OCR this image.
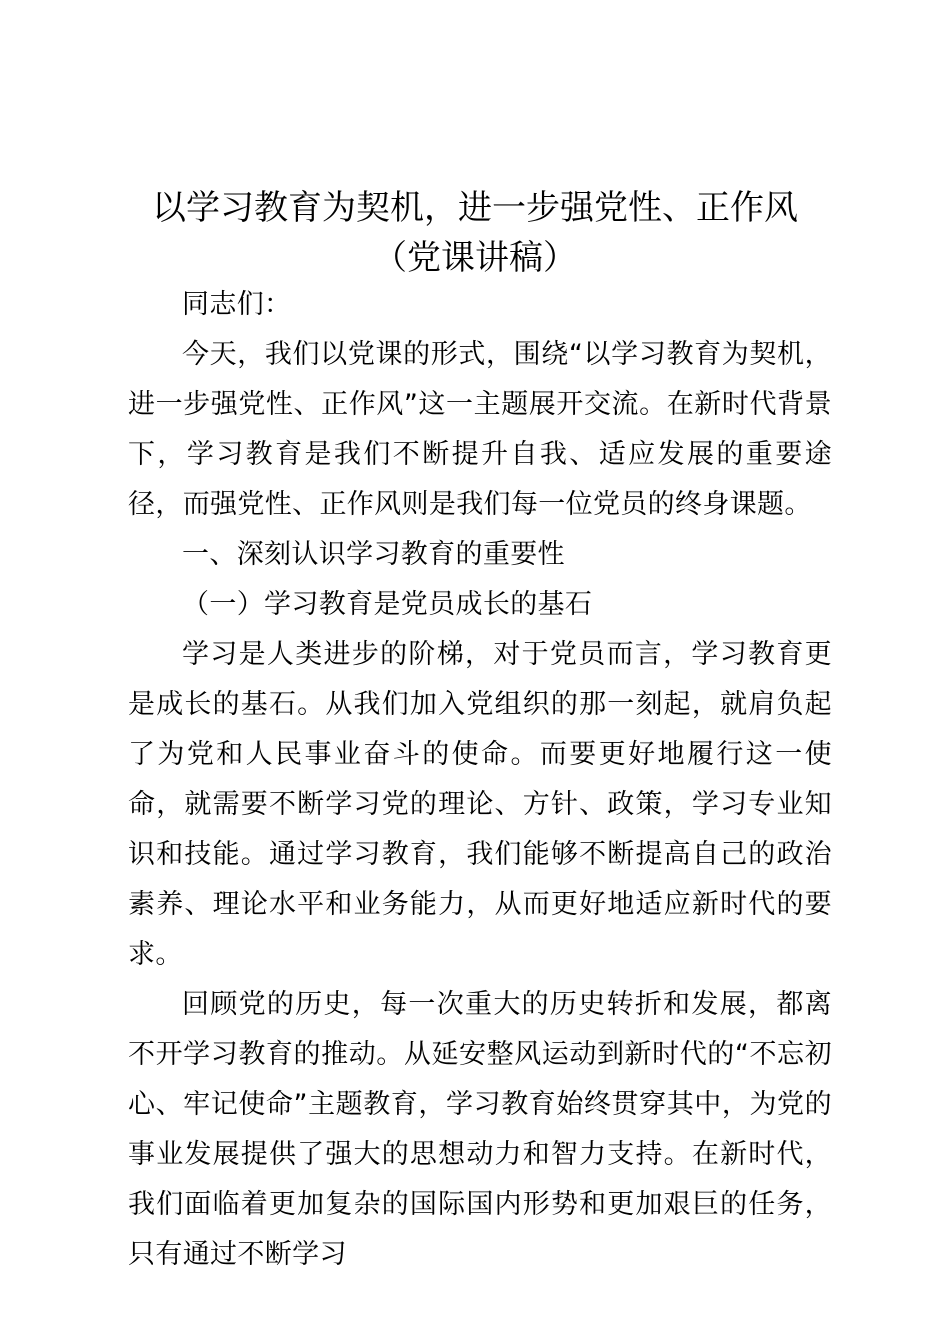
以学习教育为契机，进一步强党性、正作风
（党课讲稿）

同志们：

今天，我们以党课的形式，围绕“以学习教育为契机，进一步强党性、正作风”这一主题展开交流。在新时代背景下，学习教育是我们不断提升自我、适应发展的重要途径，而强党性、正作风则是我们每一位党员的终身课题。

一、深刻认识学习教育的重要性

（一）学习教育是党员成长的基石

学习是人类进步的阶梯，对于党员而言，学习教育更是成长的基石。从我们加入党组织的那一刻起，就肩负起了为党和人民事业奋斗的使命。而要更好地履行这一使命，就需要不断学习党的理论、方针、政策，学习专业知识和技能。通过学习教育，我们能够不断提高自己的政治素养、理论水平和业务能力，从而更好地适应新时代的要求。

回顾党的历史，每一次重大的历史转折和发展，都离不开学习教育的推动。从延安整风运动到新时代的“不忘初心、牢记使命”主题教育，学习教育始终贯穿其中，为党的事业发展提供了强大的思想动力和智力支持。在新时代，我们面临着更加复杂的国际国内形势和更加艰巨的任务，只有通过不断学习
